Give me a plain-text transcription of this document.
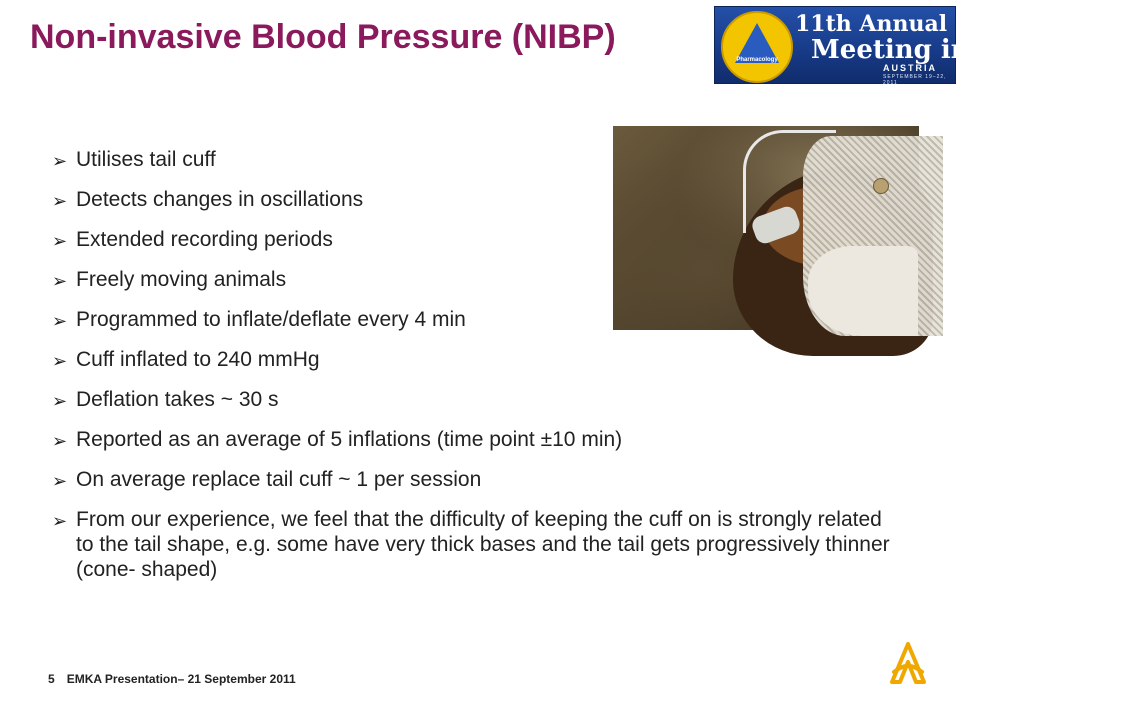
Non-invasive Blood Pressure (NIBP)
Pharmacology
11th Annual
Meeting in Innsbruck
AUSTRIA
SEPTEMBER 19–22, 2011
➢ Utilises tail cuff
➢ Detects changes in oscillations
➢ Extended recording periods
➢ Freely moving animals
➢ Programmed to inflate/deflate every 4 min
➢ Cuff inflated to 240 mmHg
➢ Deflation takes ~ 30 s
➢ Reported as an average of 5 inflations (time point ±10 min)
➢ On average replace tail cuff ~ 1 per session
➢ From our experience, we feel that the difficulty of keeping the cuff on is strongly related to the tail shape, e.g. some have very thick bases and the tail gets progressively thinner (cone- shaped)
5 EMKA Presentation– 21 September 2011
